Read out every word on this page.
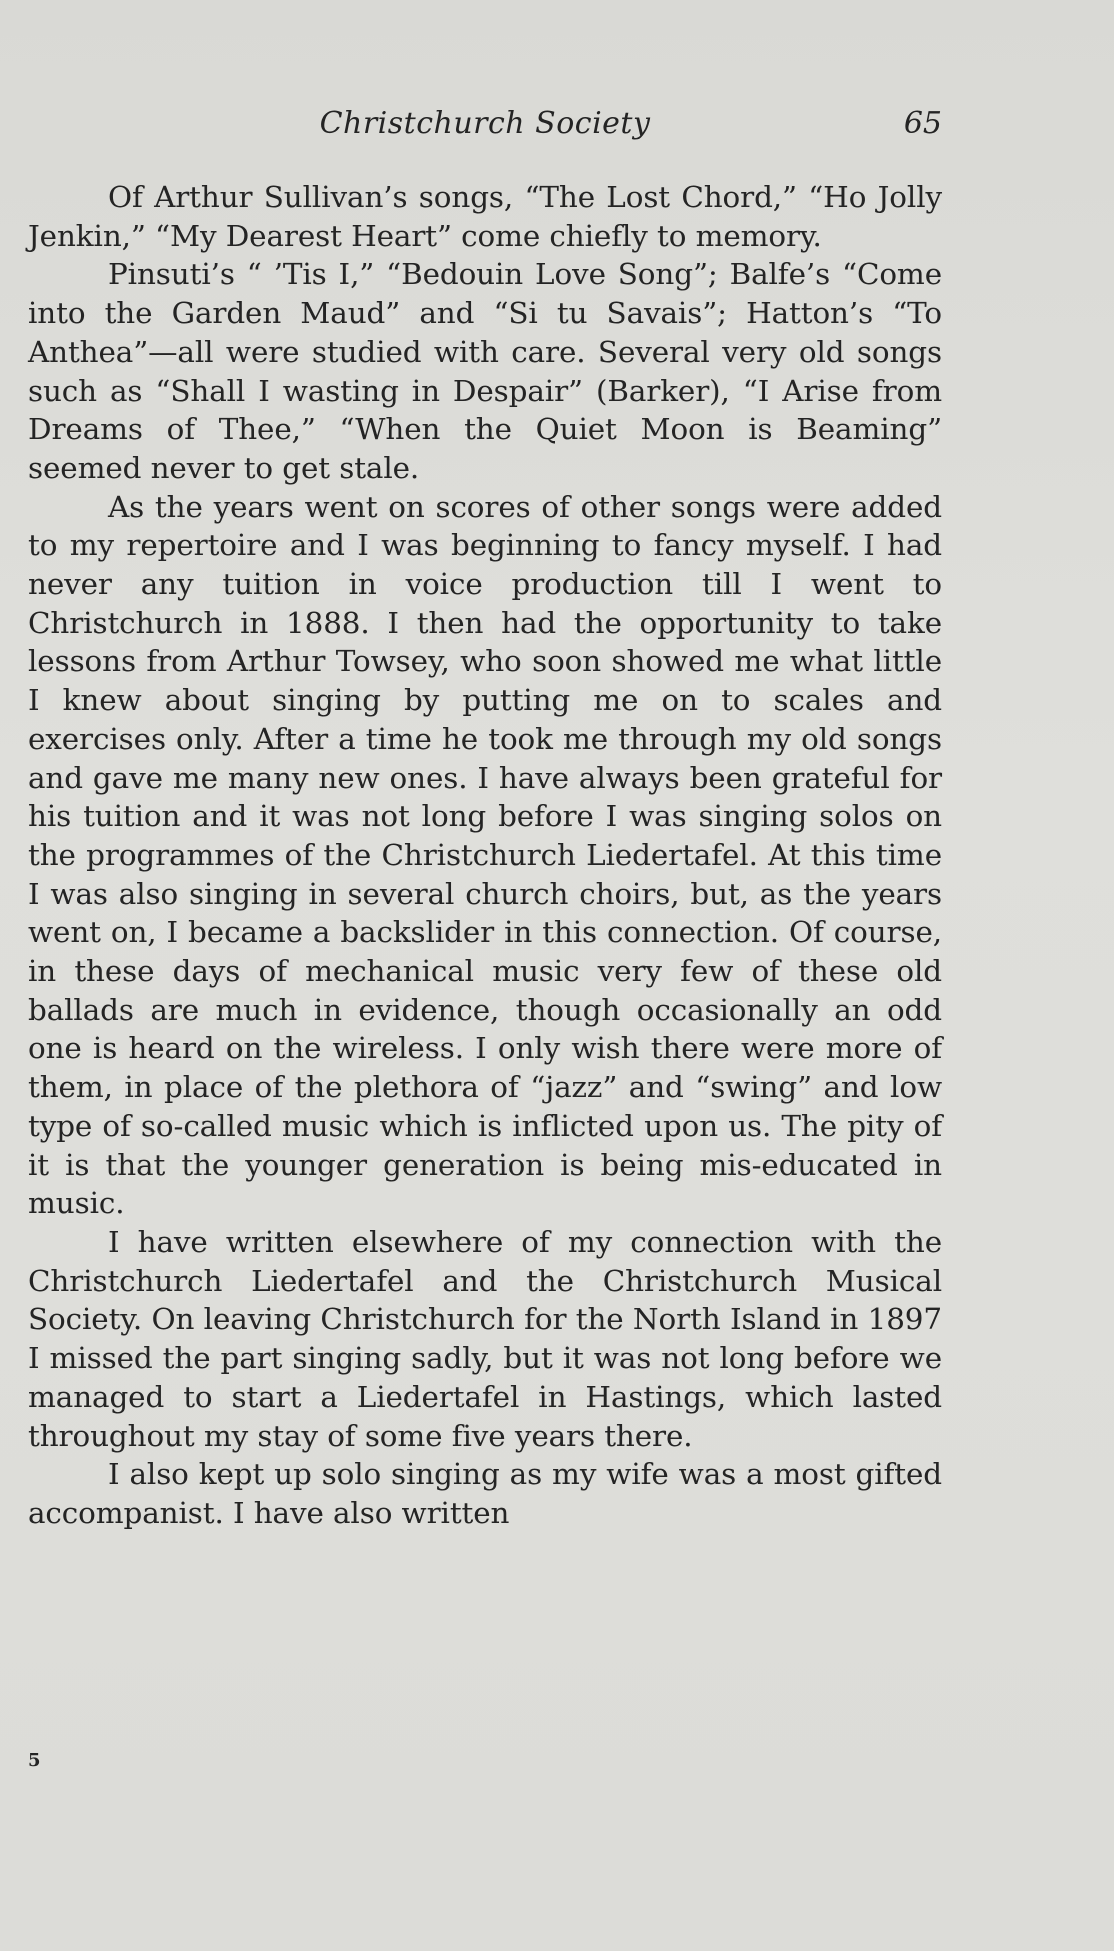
Christchurch Society	65

Of Arthur Sullivan’s songs, “The Lost Chord,” “Ho Jolly Jenkin,” “My Dearest Heart” come chiefly to memory.

Pinsuti’s “ ’Tis I,” “Bedouin Love Song”; Balfe’s “Come into the Garden Maud” and “Si tu Savais”; Hatton’s “To Anthea”—all were studied with care. Several very old songs such as “Shall I wasting in Despair” (Barker), “I Arise from Dreams of Thee,” “When the Quiet Moon is Beaming” seemed never to get stale.

As the years went on scores of other songs were added to my repertoire and I was beginning to fancy myself. I had never any tuition in voice production till I went to Christchurch in 1888. I then had the opportunity to take lessons from Arthur Towsey, who soon showed me what little I knew about singing by putting me on to scales and exercises only. After a time he took me through my old songs and gave me many new ones. I have always been grateful for his tuition and it was not long before I was singing solos on the programmes of the Christchurch Liedertafel. At this time I was also singing in several church choirs, but, as the years went on, I became a backslider in this connection. Of course, in these days of mechanical music very few of these old ballads are much in evidence, though occasionally an odd one is heard on the wireless. I only wish there were more of them, in place of the plethora of “jazz” and “swing” and low type of so-called music which is inflicted upon us. The pity of it is that the younger generation is being mis-educated in music.

I have written elsewhere of my connection with the Christchurch Liedertafel and the Christchurch Musical Society. On leaving Christchurch for the North Island in 1897 I missed the part singing sadly, but it was not long before we managed to start a Liedertafel in Hastings, which lasted throughout my stay of some five years there.

I also kept up solo singing as my wife was a most gifted accompanist. I have also written

5
